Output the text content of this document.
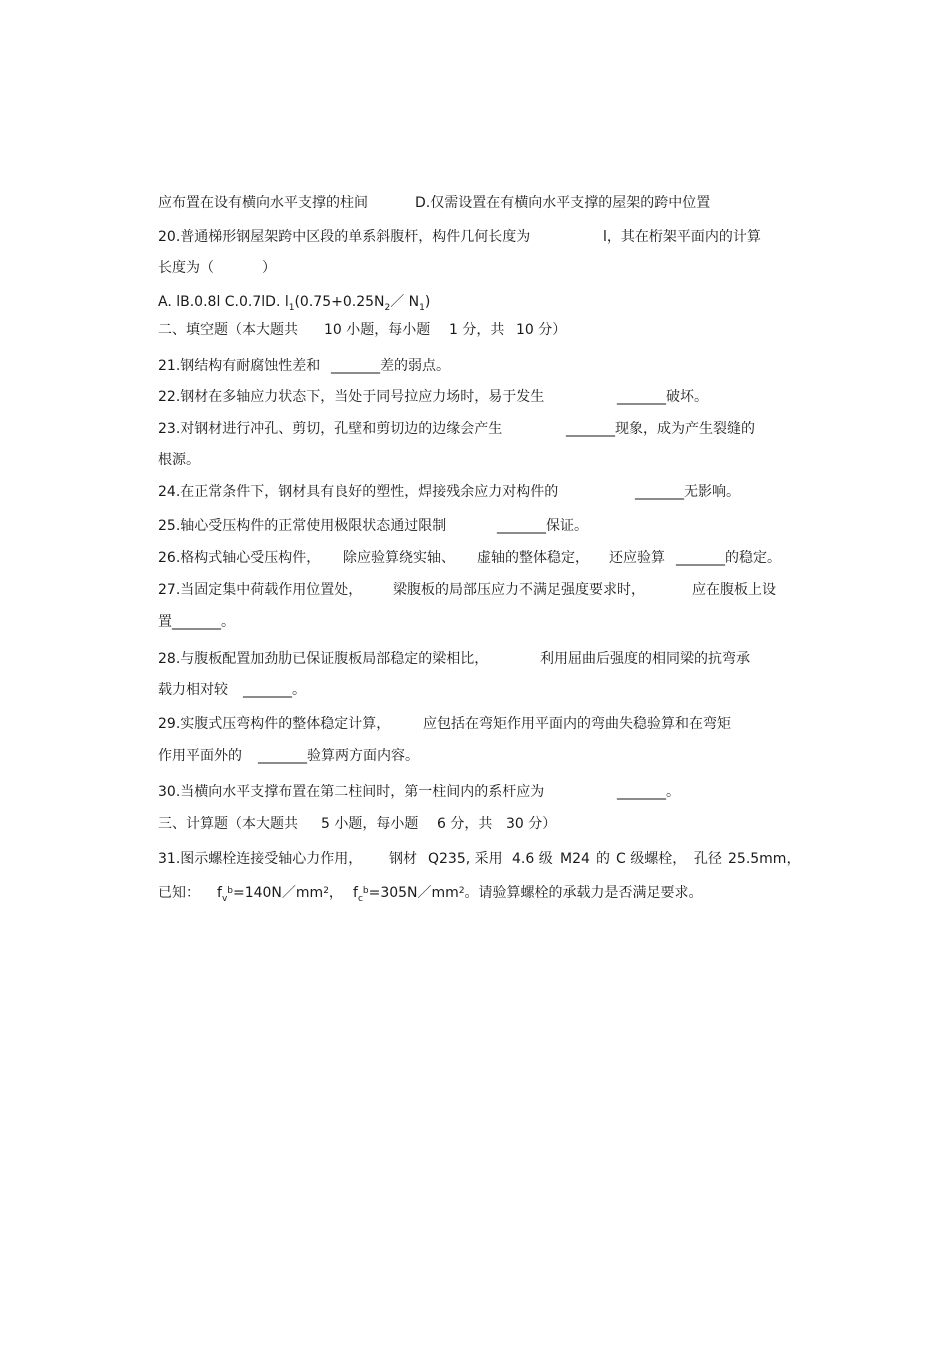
应布置在设有横向水平支撑的柱间	D.仅需设置在有横向水平支撑的屋架的跨中位置
20.普通梯形钢屋架跨中区段的单系斜腹杆，构件几何长度为	l，其在桁架平面内的计算
长度为（	）
A. lB.0.8l C.0.7lD. $l_1(0.75+0.25N_2/$ $N_1$)
二、填空题（本大题共 10 小题，每小题 1 分，共 10 分）
21.钢结构有耐腐蚀性差和 _______差的弱点。
22.钢材在多轴应力状态下，当处于同号拉应力场时，易于发生	_______破坏。
23.对钢材进行冲孔、剪切，孔壁和剪切边的边缘会产生	_______现象，成为产生裂缝的
根源。
24.在正常条件下，钢材具有良好的塑性，焊接残余应力对构件的	_______无影响。
25.轴心受压构件的正常使用极限状态通过限制	_______保证。
26.格构式轴心受压构件， 除应验算绕实轴、 虚轴的整体稳定， 还应验算 _______的稳定。
27.当固定集中荷载作用位置处， 梁腹板的局部压应力不满足强度要求时，	应在腹板上设
置_______。
28.与腹板配置加劲肋已保证腹板局部稳定的梁相比，	利用屈曲后强度的相同梁的抗弯承
载力相对较 _______。
29.实腹式压弯构件的整体稳定计算， 应包括在弯矩作用平面内的弯曲失稳验算和在弯矩
作用平面外的 _______验算两方面内容。
30.当横向水平支撑布置在第二柱间时，第一柱间内的系杆应为	_______。
三、计算题（本大题共 5 小题，每小题 6 分，共 30 分）
31.图示螺栓连接受轴心力作用， 钢材 Q235, 采用 4.6 级 M24 的 C 级螺栓， 孔径 25.5mm，
已知： $f_v^b=140N/mm^2$， $f_c^b=305N/mm^2$。请验算螺栓的承载力是否满足要求。
